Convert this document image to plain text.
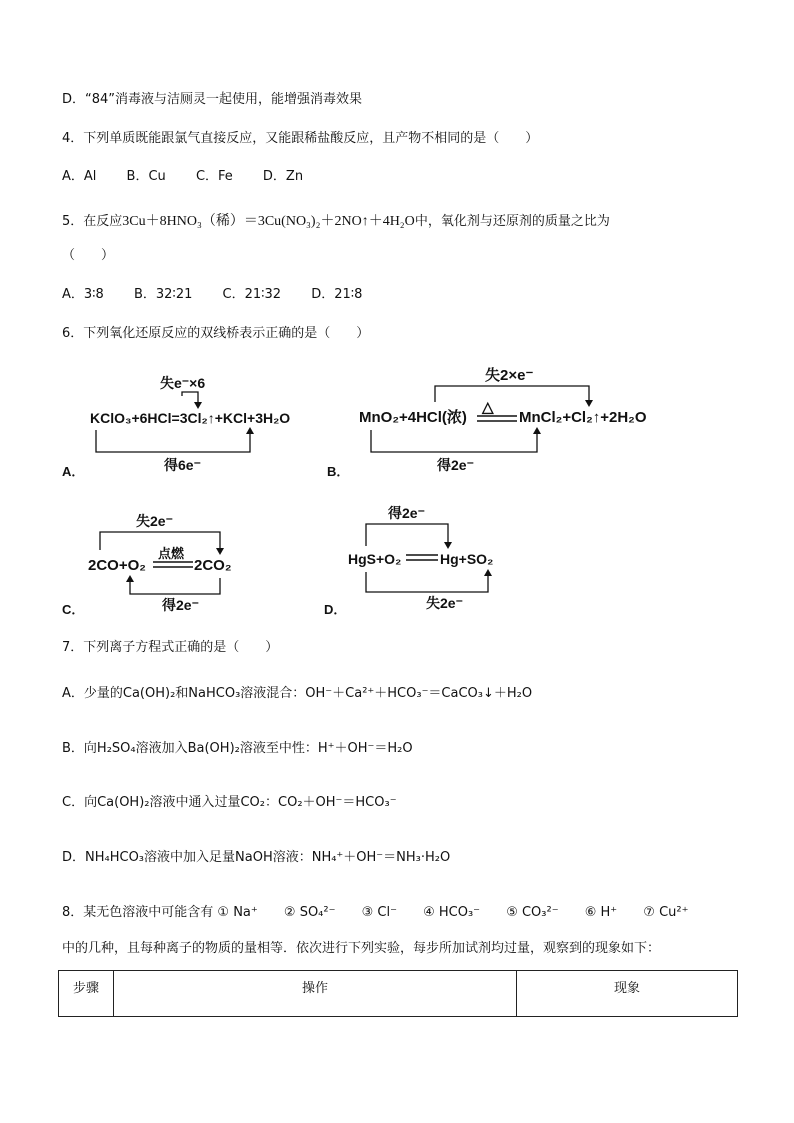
D．“84”消毒液与洁厕灵一起使用，能增强消毒效果
4．下列单质既能跟氯气直接反应，又能跟稀盐酸反应，且产物不相同的是（　　）
A．Al B．Cu C．Fe D．Zn
5．在反应3Cu＋8HNO₃（稀）＝3Cu(NO₃)₂＋2NO↑＋4H₂O中，氧化剂与还原剂的质量之比为
（　　）
A．3∶8 B．32∶21 C．21∶32 D．21∶8
6．下列氧化还原反应的双线桥表示正确的是（　　）
失e⁻×6
KClO₃+6HCl=3Cl₂↑+KCl+3H₂O
得6e⁻
A．
失2×e⁻
MnO₂+4HCl(浓)
△
MnCl₂+Cl₂↑+2H₂O
得2e⁻
B．
失2e⁻
2CO+O₂
点燃
2CO₂
得2e⁻
C．
得2e⁻
HgS+O₂	Hg+SO₂
失2e⁻
D．
7．下列离子方程式正确的是（　　）
A．少量的Ca(OH)₂和NaHCO₃溶液混合：OH⁻＋Ca²⁺＋HCO₃⁻＝CaCO₃↓＋H₂O
B．向H₂SO₄溶液加入Ba(OH)₂溶液至中性：H⁺＋OH⁻＝H₂O
C．向Ca(OH)₂溶液中通入过量CO₂：CO₂＋OH⁻＝HCO₃⁻
D．NH₄HCO₃溶液中加入足量NaOH溶液：NH₄⁺＋OH⁻＝NH₃·H₂O
8．某无色溶液中可能含有 ① Na⁺ ② SO₄²⁻ ③ Cl⁻ ④ HCO₃⁻ ⑤ CO₃²⁻ ⑥ H⁺ ⑦ Cu²⁺
中的几种，且每种离子的物质的量相等．依次进行下列实验，每步所加试剂均过量，观察到的现象如下：
步骤	操作	现象
